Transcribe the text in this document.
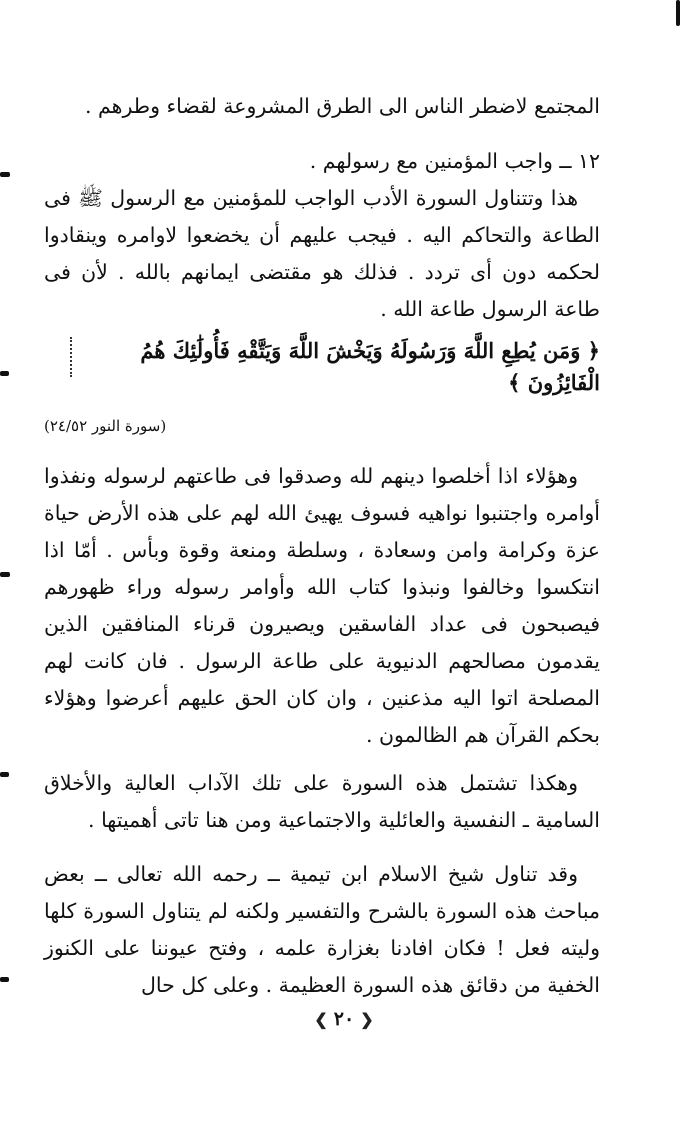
المجتمع لاضطر الناس الى الطرق المشروعة لقضاء وطرهم .
١٢ ــ واجب المؤمنين مع رسولهم .

هذا وتتناول السورة الأدب الواجب للمؤمنين مع الرسول ﷺ فى الطاعة والتحاكم اليه . فيجب عليهم أن يخضعوا لاوامره وينقادوا لحكمه دون أى تردد . فذلك هو مقتضى ايمانهم بالله . لأن فى طاعة الرسول طاعة الله .

﴿ وَمَن يُطِعِ اللَّهَ وَرَسُولَهُ وَيَخْشَ اللَّهَ وَيَتَّقْهِ فَأُولَٰئِكَ هُمُ
الْفَائِزُونَ ﴾
(سورة النور ٢٤/٥٢)

وهؤلاء اذا أخلصوا دينهم لله وصدقوا فى طاعتهم لرسوله ونفذوا أوامره واجتنبوا نواهيه فسوف يهيئ الله لهم على هذه الأرض حياة عزة وكرامة وامن وسعادة ، وسلطة ومنعة وقوة وبأس . أمّا اذا انتكسوا وخالفوا ونبذوا كتاب الله وأوامر رسوله وراء ظهورهم فيصبحون فى عداد الفاسقين ويصيرون قرناء المنافقين الذين يقدمون مصالحهم الدنيوية على طاعة الرسول . فان كانت لهم المصلحة اتوا اليه مذعنين ، وان كان الحق عليهم أعرضوا وهؤلاء بحكم القرآن هم الظالمون .

وهكذا تشتمل هذه السورة على تلك الآداب العالية والأخلاق السامية ـ النفسية والعائلية والاجتماعية ومن هنا تاتى أهميتها .

وقد تناول شيخ الاسلام ابن تيمية ــ رحمه الله تعالى ــ بعض مباحث هذه السورة بالشرح والتفسير ولكنه لم يتناول السورة كلها وليته فعل ! فكان افادنا بغزارة علمه ، وفتح عيوننا على الكنوز الخفية من دقائق هذه السورة العظيمة . وعلى كل حال

❮٢٠❯
